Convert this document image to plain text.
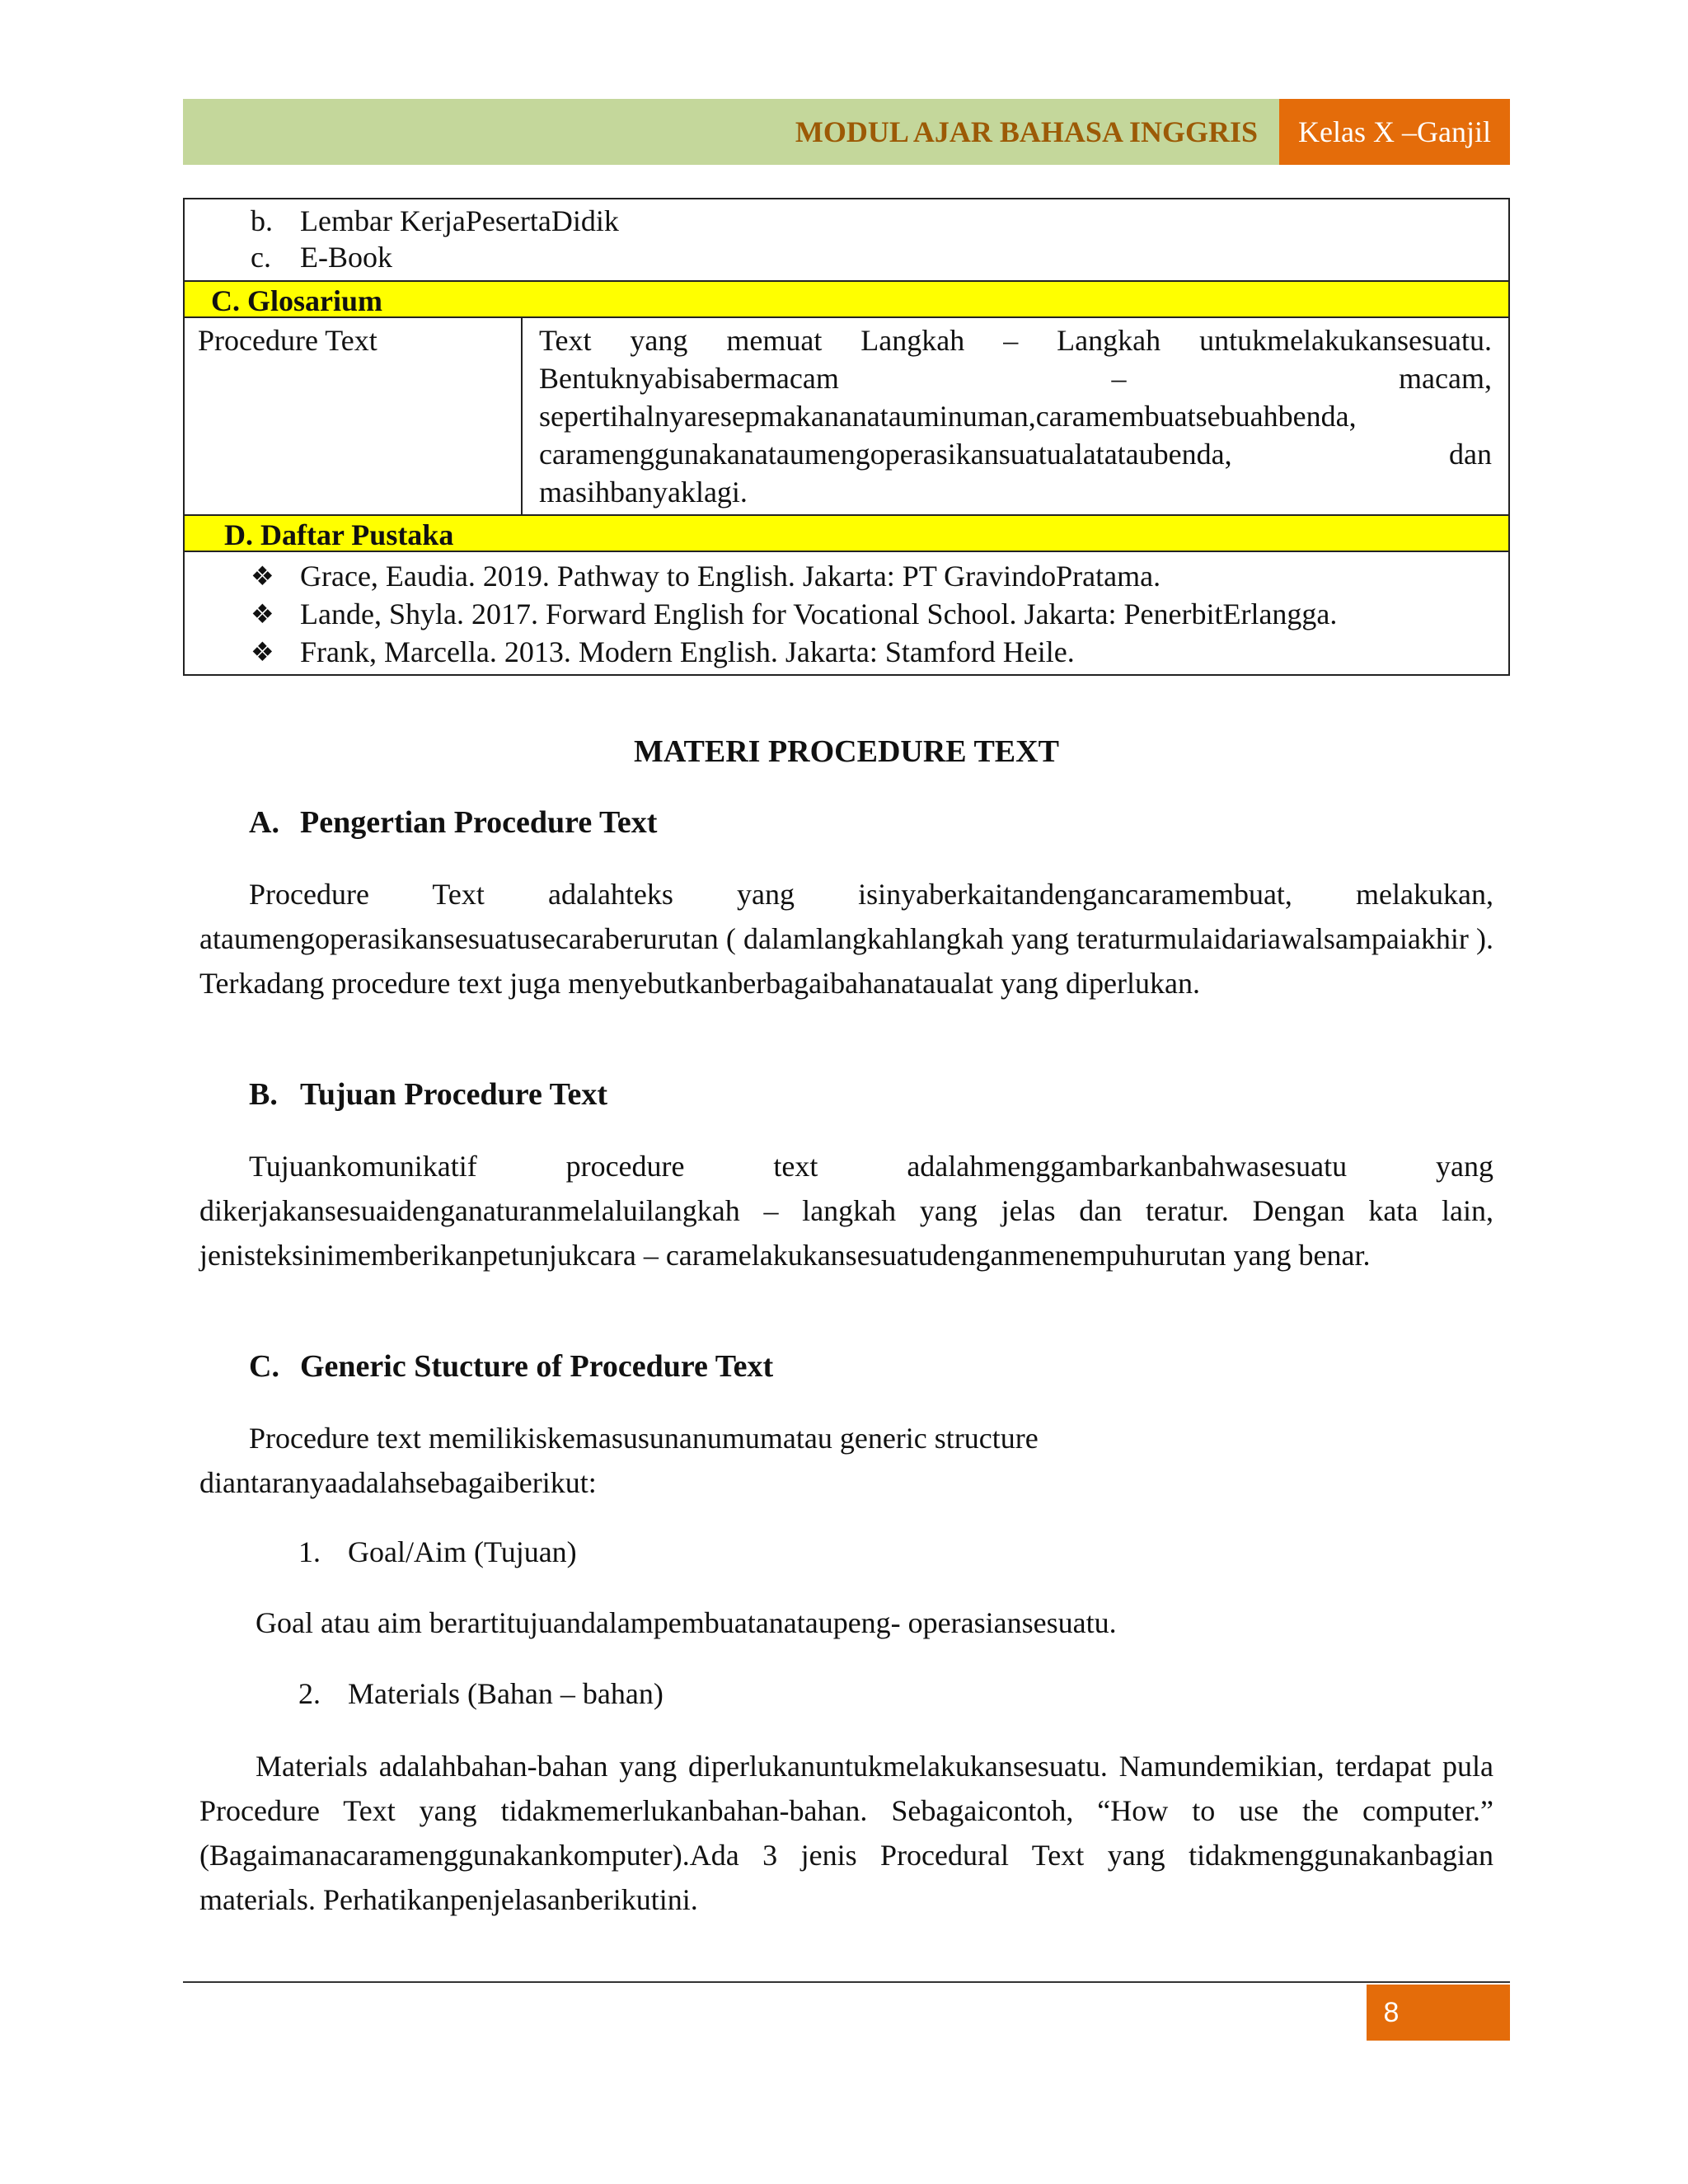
MODUL AJAR BAHASA INGGRIS	Kelas X –Ganjil
b. Lembar KerjaPesertaDidik
c. E-Book
C. Glosarium
Procedure Text	Text yang memuat Langkah – Langkah untukmelakukansesuatu. Bentuknyabisabermacam – macam, sepertihalnyaresepmakananatauminuman,caramembuatsebuahbenda, caramenggunakanataumengoperasikansuatualatataubenda, dan masihbanyaklagi.
D. Daftar Pustaka
❖ Grace, Eaudia. 2019. Pathway to English. Jakarta: PT GravindoPratama.
❖ Lande, Shyla. 2017. Forward English for Vocational School. Jakarta: PenerbitErlangga.
❖ Frank, Marcella. 2013. Modern English. Jakarta: Stamford Heile.
MATERI PROCEDURE TEXT
A. Pengertian Procedure Text
Procedure Text adalahteks yang isinyaberkaitandengancaramembuat, melakukan, ataumengoperasikansesuatusecaraberurutan ( dalamlangkahlangkah yang teraturmulaidariawalsampaiakhir ). Terkadang procedure text juga menyebutkanberbagaibahanataualat yang diperlukan.
B. Tujuan Procedure Text
Tujuankomunikatif procedure text adalahmenggambarkanbahwasesuatu yang dikerjakansesuaidenganaturanmelaluilangkah – langkah yang jelas dan teratur. Dengan kata lain, jenisteksinimemberikanpetunjukcara – caramelakukansesuatudenganmenempuhurutan yang benar.
C. Generic Stucture of Procedure Text
Procedure text memilikiskemasusunanumumatau generic structure
diantaranyaadalahsebagaiberikut:
1. Goal/Aim (Tujuan)
Goal atau aim berartitujuandalampembuatanataupeng- operasiansesuatu.
2. Materials (Bahan – bahan)
Materials adalahbahan-bahan yang diperlukanuntukmelakukansesuatu. Namundemikian, terdapat pula Procedure Text yang tidakmemerlukanbahan-bahan. Sebagaicontoh, “How to use the computer.” (Bagaimanacaramenggunakankomputer).Ada 3 jenis Procedural Text yang tidakmenggunakanbagian materials. Perhatikanpenjelasanberikutini.
8
